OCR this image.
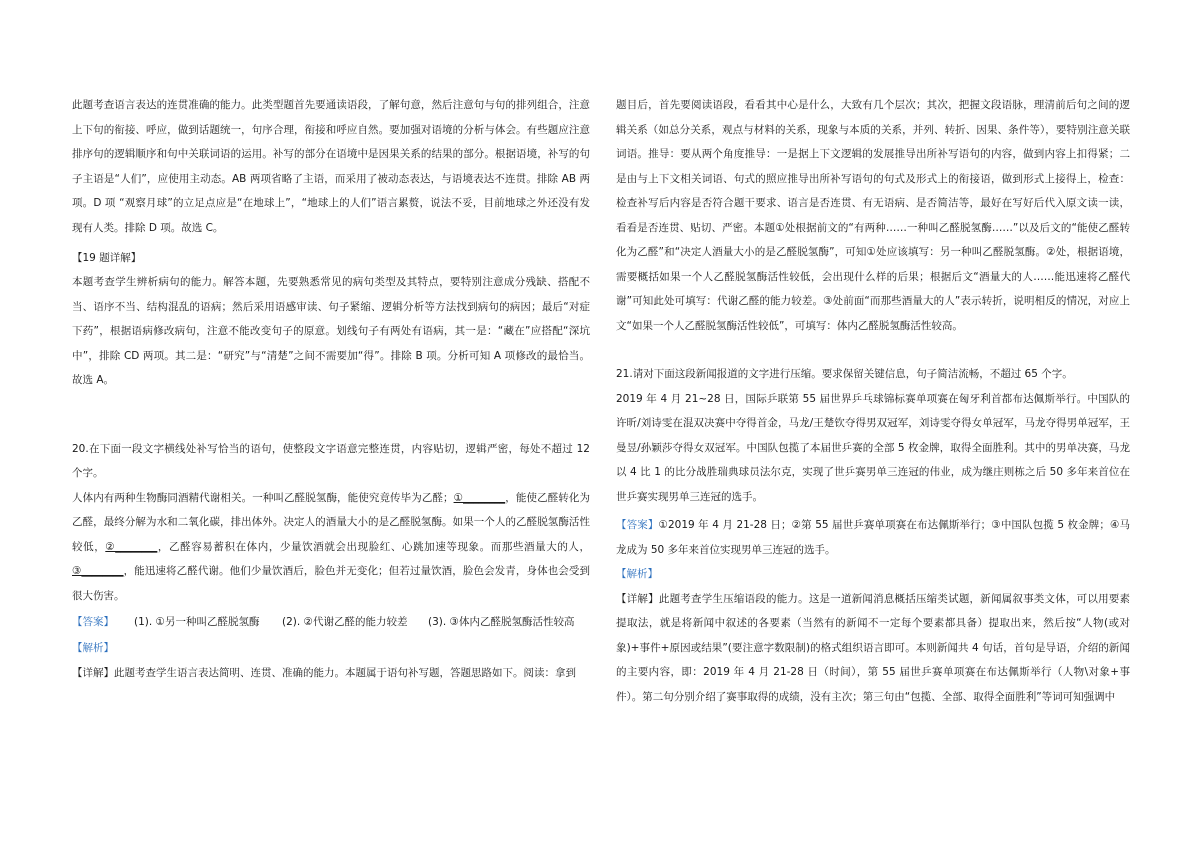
此题考查语言表达的连贯准确的能力。此类型题首先要通读语段，了解句意，然后注意句与句的排列组合，注意上下句的衔接、呼应，做到话题统一，句序合理，衔接和呼应自然。要加强对语境的分析与体会。有些题应注意排序句的逻辑顺序和句中关联词语的运用。补写的部分在语境中是因果关系的结果的部分。根据语境，补写的句子主语是“人们”，应使用主动态。AB 两项省略了主语，而采用了被动态表达，与语境表达不连贯。排除 AB 两项。D 项 “观察月球”的立足点应是“在地球上”，“地球上的人们”语言累赘，说法不妥，目前地球之外还没有发现有人类。排除 D 项。故选 C。

【19 题详解】

本题考查学生辨析病句的能力。解答本题，先要熟悉常见的病句类型及其特点，要特别注意成分残缺、搭配不当、语序不当、结构混乱的语病；然后采用语感审读、句子紧缩、逻辑分析等方法找到病句的病因；最后“对症下药”，根据语病修改病句，注意不能改变句子的原意。划线句子有两处有语病，其一是：“藏在”应搭配“深坑中”，排除 CD 两项。其二是：“研究”与“清楚”之间不需要加“得”。排除 B 项。分析可知 A 项修改的最恰当。故选 A。

20.在下面一段文字横线处补写恰当的语句，使整段文字语意完整连贯，内容贴切，逻辑严密，每处不超过 12 个字。

人体内有两种生物酶同酒精代谢相关。一种叫乙醛脱氢酶，能使究竟传毕为乙醛；①________，能使乙醛转化为乙醛，最终分解为水和二氧化碳，排出体外。决定人的酒量大小的是乙醛脱氢酶。如果一个人的乙醛脱氢酶活性较低，②________，乙醛容易蓄积在体内，少量饮酒就会出现脸红、心跳加速等现象。而那些酒量大的人，③________，能迅速将乙醛代谢。他们少量饮酒后，脸色并无变化；但若过量饮酒，脸色会发青，身体也会受到很大伤害。

【答案】	(1). ①另一种叫乙醛脱氢酶	(2). ②代谢乙醛的能力较差	(3). ③体内乙醛脱氢酶活性较高

【解析】

【详解】此题考查学生语言表达简明、连贯、准确的能力。本题属于语句补写题，答题思路如下。阅读：拿到

题目后，首先要阅读语段，看看其中心是什么，大致有几个层次；其次，把握文段语脉，理清前后句之间的逻辑关系（如总分关系，观点与材料的关系，现象与本质的关系，并列、转折、因果、条件等），要特别注意关联词语。推导：要从两个角度推导：一是据上下文逻辑的发展推导出所补写语句的内容，做到内容上扣得紧；二是由与上下文相关词语、句式的照应推导出所补写语句的句式及形式上的衔接语，做到形式上接得上，检查：检查补写后内容是否符合题干要求、语言是否连贯、有无语病、是否简洁等，最好在写好后代入原文读一读，看看是否连贯、贴切、严密。本题①处根据前文的“有两种……一种叫乙醛脱氢酶……”以及后文的“能使乙醛转化为乙醛”和“决定人酒量大小的是乙醛脱氢酶”，可知①处应该填写：另一种叫乙醛脱氢酶。②处，根据语境，需要概括如果一个人乙醛脱氢酶活性较低，会出现什么样的后果；根据后文“酒量大的人……能迅速将乙醛代谢”可知此处可填写：代谢乙醛的能力较差。③处前面“而那些酒量大的人”表示转折，说明相反的情况，对应上文“如果一个人乙醛脱氢酶活性较低”，可填写：体内乙醛脱氢酶活性较高。

21.请对下面这段新闻报道的文字进行压缩。要求保留关键信息，句子简洁流畅，不超过 65 个字。

2019 年 4 月 21~28 日，国际乒联第 55 届世界乒乓球锦标赛单项赛在匈牙利首都布达佩斯举行。中国队的许昕/刘诗雯在混双决赛中夺得首金，马龙/王楚钦夺得男双冠军，刘诗雯夺得女单冠军，马龙夺得男单冠军，王曼昱/孙颖莎夺得女双冠军。中国队包揽了本届世乒赛的全部 5 枚金牌，取得全面胜利。其中的男单决赛，马龙以 4 比 1 的比分战胜瑞典球员法尔克，实现了世乒赛男单三连冠的伟业，成为继庄则栋之后 50 多年来首位在世乒赛实现男单三连冠的选手。

【答案】①2019 年 4 月 21-28 日；②第 55 届世乒赛单项赛在布达佩斯举行；③中国队包揽 5 枚金牌；④马龙成为 50 多年来首位实现男单三连冠的选手。

【解析】

【详解】此题考查学生压缩语段的能力。这是一道新闻消息概括压缩类试题，新闻属叙事类文体，可以用要素提取法，就是将新闻中叙述的各要素（当然有的新闻不一定每个要素都具备）提取出来，然后按“人物(或对象)+事件+原因或结果”(要注意字数限制)的格式组织语言即可。本则新闻共 4 句话，首句是导语，介绍的新闻的主要内容，即：2019 年 4 月 21-28 日（时间），第 55 届世乒赛单项赛在布达佩斯举行（人物\对象+事件）。第二句分别介绍了赛事取得的成绩，没有主次；第三句由“包揽、全部、取得全面胜利”等词可知强调中
